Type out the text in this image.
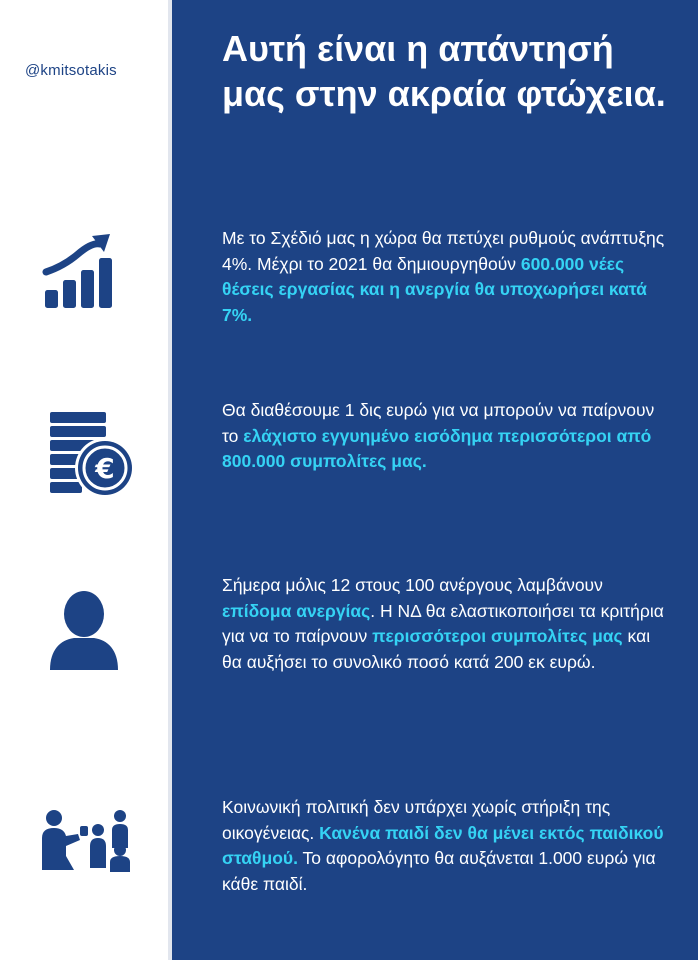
@kmitsotakis
Αυτή είναι η απάντησή μας στην ακραία φτώχεια.

Με το Σχέδιό μας η χώρα θα πετύχει ρυθμούς ανάπτυξης 4%. Μέχρι το 2021 θα δημιουργηθούν 600.000 νέες θέσεις εργασίας και η ανεργία θα υποχωρήσει κατά 7%.

€

Θα διαθέσουμε 1 δις ευρώ για να μπορούν να παίρνουν το ελάχιστο εγγυημένο εισόδημα περισσότεροι από 800.000 συμπολίτες μας.

Σήμερα μόλις 12 στους 100 ανέργους λαμβάνουν επίδομα ανεργίας. Η ΝΔ θα ελαστικοποιήσει τα κριτήρια για να το παίρνουν περισσότεροι συμπολίτες μας και θα αυξήσει το συνολικό ποσό κατά 200 εκ ευρώ.

Κοινωνική πολιτική δεν υπάρχει χωρίς στήριξη της οικογένειας. Κανένα παιδί δεν θα μένει εκτός παιδικού σταθμού. Το αφορολόγητο θα αυξάνεται 1.000 ευρώ για κάθε παιδί.
